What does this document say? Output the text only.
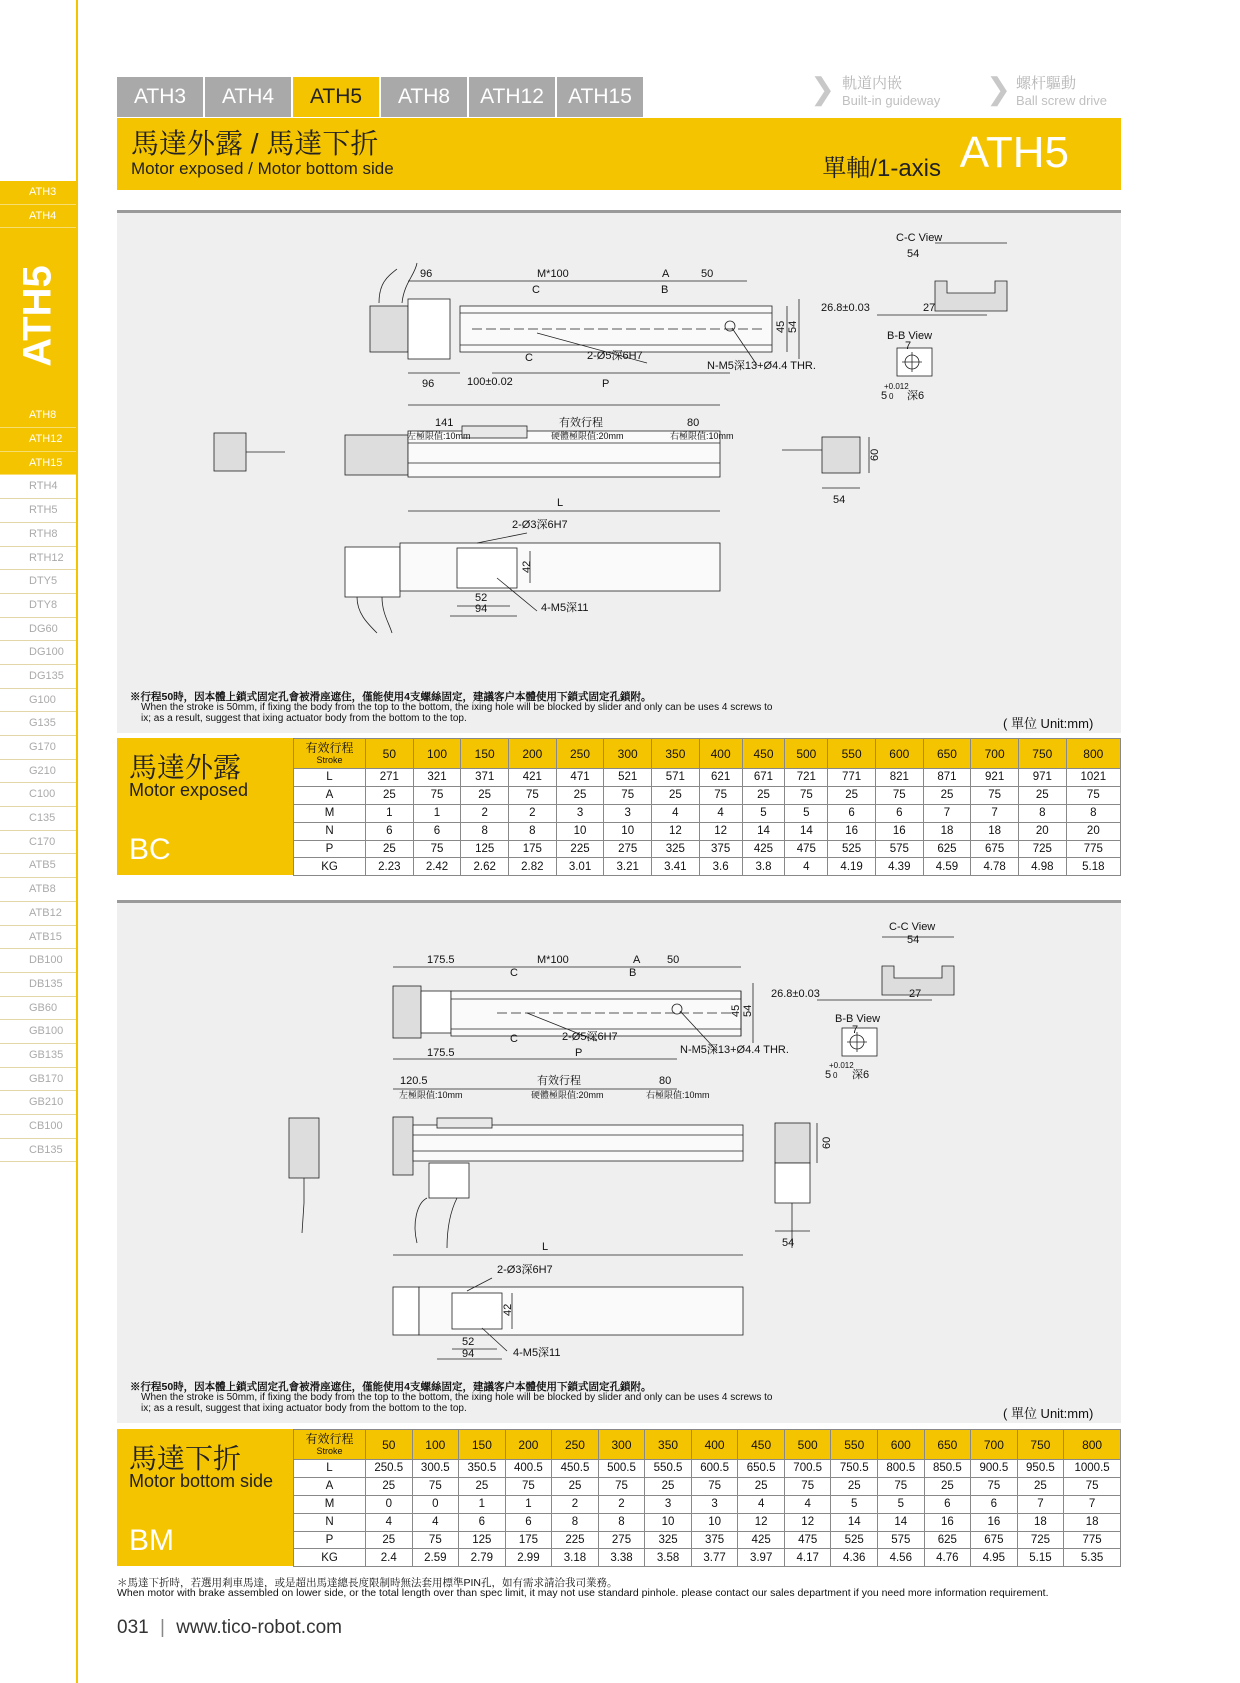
ATH3
ATH4
ATH5
ATH8
ATH12
ATH15
RTH4
RTH5
RTH8
RTH12
DTY5
DTY8
DG60
DG100
DG135
G100
G135
G170
G210
C100
C135
C170
ATB5
ATB8
ATB12
ATB15
DB100
DB135
GB60
GB100
GB135
GB170
GB210
CB100
CB135
ATH3	ATH4	ATH5	ATH8	ATH12	ATH15	❯ 軌道内嵌
Built-in guideway	❯ 螺杆驅動
Ball screw drive
馬達外露 / 馬達下折
Motor exposed / Motor bottom side	單軸/1-axis ATH5
96	M*100	A	50
C	B
45 54
C	2-Ø5深6H7
96	100±0.02	P
N-M5深13+Ø4.4 THR.
C-C View
54
26.8±0.03	27
B-B View
7
+0.012
5 0 深6
141	有效行程	80
左極限值:10mm	硬體極限值:20mm	右極限值:10mm
60
54
L
2-Ø3深6H7
42
52
94	4-M5深11
※行程50時，因本體上鎖式固定孔會被滑座遮住，僅能使用4支螺絲固定，建議客户本體使用下鎖式固定孔鎖附。
When the stroke is 50mm, if fixing the body from the top to the bottom, the ixing hole will be blocked by slider and only can be uses 4 screws to ix; as a result, suggest that ixing actuator body from the bottom to the top.	( 單位 Unit:mm)
馬達外露
Motor exposed
BC
有效行程
Stroke	50	100	150	200	250	300	350	400	450	500	550	600	650	700	750	800
L	271	321	371	421	471	521	571	621	671	721	771	821	871	921	971	1021
A	25	75	25	75	25	75	25	75	25	75	25	75	25	75	25	75
M	1	1	2	2	3	3	4	4	5	5	6	6	7	7	8	8
N	6	6	8	8	10	10	12	12	14	14	16	16	18	18	20	20
P	25	75	125	175	225	275	325	375	425	475	525	575	625	675	725	775
KG	2.23	2.42	2.62	2.82	3.01	3.21	3.41	3.6	3.8	4	4.19	4.39	4.59	4.78	4.98	5.18
175.5	M*100	A 50
C	B
45 54
C	2-Ø5深6H7
175.5	P	N-M5深13+Ø4.4 THR.
C-C View
54
26.8±0.03	27
B-B View
7
+0.012
5 0 深6
120.5	有效行程	80
左極限值:10mm	硬體極限值:20mm	右極限值:10mm
60
54
L
2-Ø3深6H7
42
52
94	4-M5深11
※行程50時，因本體上鎖式固定孔會被滑座遮住，僅能使用4支螺絲固定，建議客户本體使用下鎖式固定孔鎖附。
When the stroke is 50mm, if fixing the body from the top to the bottom, the ixing hole will be blocked by slider and only can be uses 4 screws to ix; as a result, suggest that ixing actuator body from the bottom to the top.	( 單位 Unit:mm)
馬達下折
Motor bottom side
BM
有效行程
Stroke	50	100	150	200	250	300	350	400	450	500	550	600	650	700	750	800
L	250.5	300.5	350.5	400.5	450.5	500.5	550.5	600.5	650.5	700.5	750.5	800.5	850.5	900.5	950.5	1000.5
A	25	75	25	75	25	75	25	75	25	75	25	75	25	75	25	75
M	0	0	1	1	2	2	3	3	4	4	5	5	6	6	7	7
N	4	4	6	6	8	8	10	10	12	12	14	14	16	16	18	18
P	25	75	125	175	225	275	325	375	425	475	525	575	625	675	725	775
KG	2.4	2.59	2.79	2.99	3.18	3.38	3.58	3.77	3.97	4.17	4.36	4.56	4.76	4.95	5.15	5.35
＊馬達下折時，若選用剎車馬達，或是超出馬達總長度限制時無法套用標準PIN孔，如有需求請洽我司業務。
When motor with brake assembled on lower side, or the total length over than spec limit, it may not use standard pinhole. please contact our sales department if you need more information requirement.
031 | www.tico-robot.com
